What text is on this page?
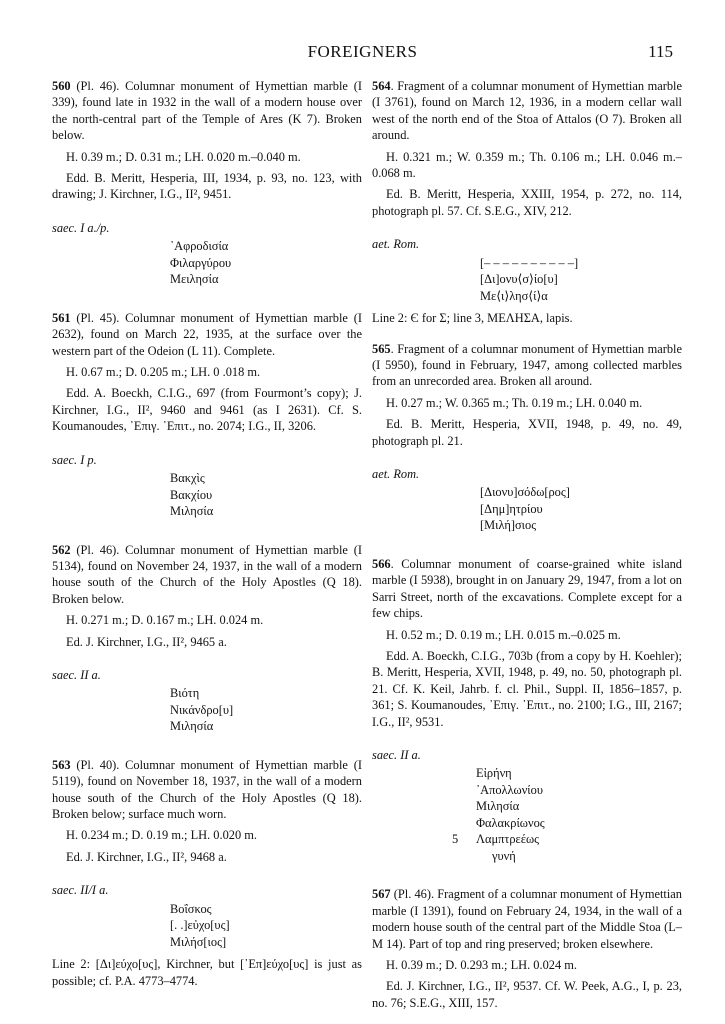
FOREIGNERS	115

560 (Pl. 46). Columnar monument of Hymettian marble (I 339), found late in 1932 in the wall of a modern house over the north-central part of the Temple of Ares (K 7). Broken below.

H. 0.39 m.; D. 0.31 m.; LH. 0.020 m.–0.040 m.

Edd. B. Meritt, Hesperia, III, 1934, p. 93, no. 123, with drawing; J. Kirchner, I.G., II², 9451.

saec. I a./p.

᾿Αφροδισία
Φιλαργύρου
Μειλησία

561 (Pl. 45). Columnar monument of Hymettian marble (I 2632), found on March 22, 1935, at the surface over the western part of the Odeion (L 11). Complete.

H. 0.67 m.; D. 0.205 m.; LH. 0 .018 m.

Edd. A. Boeckh, C.I.G., 697 (from Fourmont’s copy); J. Kirchner, I.G., II², 9460 and 9461 (as I 2631). Cf. S. Koumanoudes, ᾿Επιγ. ᾿Επιτ., no. 2074; I.G., II, 3206.

saec. I p.

Βακχὶς
Βακχίου
Μιλησία

562 (Pl. 46). Columnar monument of Hymettian marble (I 5134), found on November 24, 1937, in the wall of a modern house south of the Church of the Holy Apostles (Q 18). Broken below.

H. 0.271 m.; D. 0.167 m.; LH. 0.024 m.

Ed. J. Kirchner, I.G., II², 9465 a.

saec. II a.

Βιότη
Νικάνδρο[υ]
Μιλησία

563 (Pl. 40). Columnar monument of Hymettian marble (I 5119), found on November 18, 1937, in the wall of a modern house south of the Church of the Holy Apostles (Q 18). Broken below; surface much worn.

H. 0.234 m.; D. 0.19 m.; LH. 0.020 m.

Ed. J. Kirchner, I.G., II², 9468 a.

saec. II/I a.

Βοΐσκος
[. .]εὐχο[υς]
Μιλήσ[ιος]

Line 2: [Δι]εύχο[υς], Kirchner, but [᾿Επ]εύχο[υς] is just as possible; cf. P.A. 4773–4774.

564. Fragment of a columnar monument of Hymettian marble (I 3761), found on March 12, 1936, in a modern cellar wall west of the north end of the Stoa of Attalos (O 7). Broken all around.

H. 0.321 m.; W. 0.359 m.; Th. 0.106 m.; LH. 0.046 m.–0.068 m.

Ed. B. Meritt, Hesperia, XXIII, 1954, p. 272, no. 114, photograph pl. 57. Cf. S.E.G., XIV, 212.

aet. Rom.

[– – – – – – – – – –]
[Δι]ονυ⟨σ⟩ίο[υ]
Με⟨ι⟩λησ⟨ί⟩α

Line 2: Є for Σ; line 3, ΜΕΛΗΣΑ, lapis.

565. Fragment of a columnar monument of Hymettian marble (I 5950), found in February, 1947, among collected marbles from an unrecorded area. Broken all around.

H. 0.27 m.; W. 0.365 m.; Th. 0.19 m.; LH. 0.040 m.

Ed. B. Meritt, Hesperia, XVII, 1948, p. 49, no. 49, photograph pl. 21.

aet. Rom.

[Διονυ]σόδω[ρος]
[Δημ]ητρίου
[Μιλή]σιος

566. Columnar monument of coarse-grained white island marble (I 5938), brought in on January 29, 1947, from a lot on Sarri Street, north of the excavations. Complete except for a few chips.

H. 0.52 m.; D. 0.19 m.; LH. 0.015 m.–0.025 m.

Edd. A. Boeckh, C.I.G., 703b (from a copy by H. Koehler); B. Meritt, Hesperia, XVII, 1948, p. 49, no. 50, photograph pl. 21. Cf. K. Keil, Jahrb. f. cl. Phil., Suppl. II, 1856–1857, p. 361; S. Koumanoudes, ᾿Επιγ. ᾿Επιτ., no. 2100; I.G., III, 2167; I.G., II², 9531.

saec. II a.

Εἰρήνη
᾿Απολλωνίου
Μιλησία
Φαλακρίωνος
5 Λαμπτρεέως
γυνή

567 (Pl. 46). Fragment of a columnar monument of Hymettian marble (I 1391), found on February 24, 1934, in the wall of a modern house south of the central part of the Middle Stoa (L–M 14). Part of top and ring preserved; broken elsewhere.

H. 0.39 m.; D. 0.293 m.; LH. 0.024 m.

Ed. J. Kirchner, I.G., II², 9537. Cf. W. Peek, A.G., I, p. 23, no. 76; S.E.G., XIII, 157.
